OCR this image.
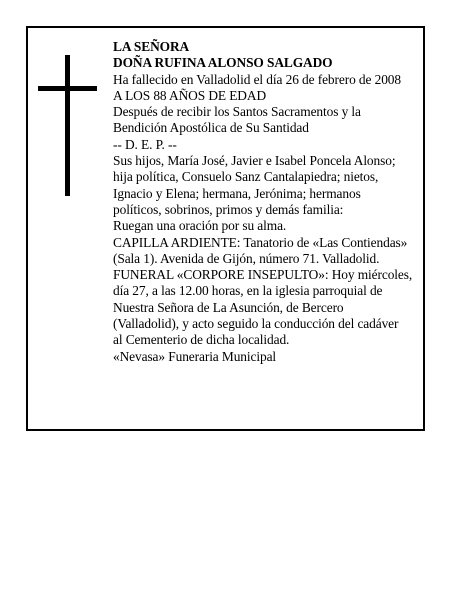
LA SEÑORA

DOÑA RUFINA ALONSO SALGADO

Ha fallecido en Valladolid el día 26 de febrero de 2008

A LOS 88 AÑOS DE EDAD

Después de recibir los Santos Sacramentos y la

Bendición Apostólica de Su Santidad

-- D. E. P. --

Sus hijos, María José, Javier e Isabel Poncela Alonso;

hija política, Consuelo Sanz Cantalapiedra; nietos,

Ignacio y Elena; hermana, Jerónima; hermanos

políticos, sobrinos, primos y demás familia:

Ruegan una oración por su alma.

CAPILLA ARDIENTE: Tanatorio de «Las Contiendas»

(Sala 1). Avenida de Gijón, número 71. Valladolid.

FUNERAL «CORPORE INSEPULTO»: Hoy miércoles,

día 27, a las 12.00 horas, en la iglesia parroquial de

Nuestra Señora de La Asunción, de Bercero

(Valladolid), y acto seguido la conducción del cadáver

al Cementerio de dicha localidad.

«Nevasa» Funeraria Municipal
